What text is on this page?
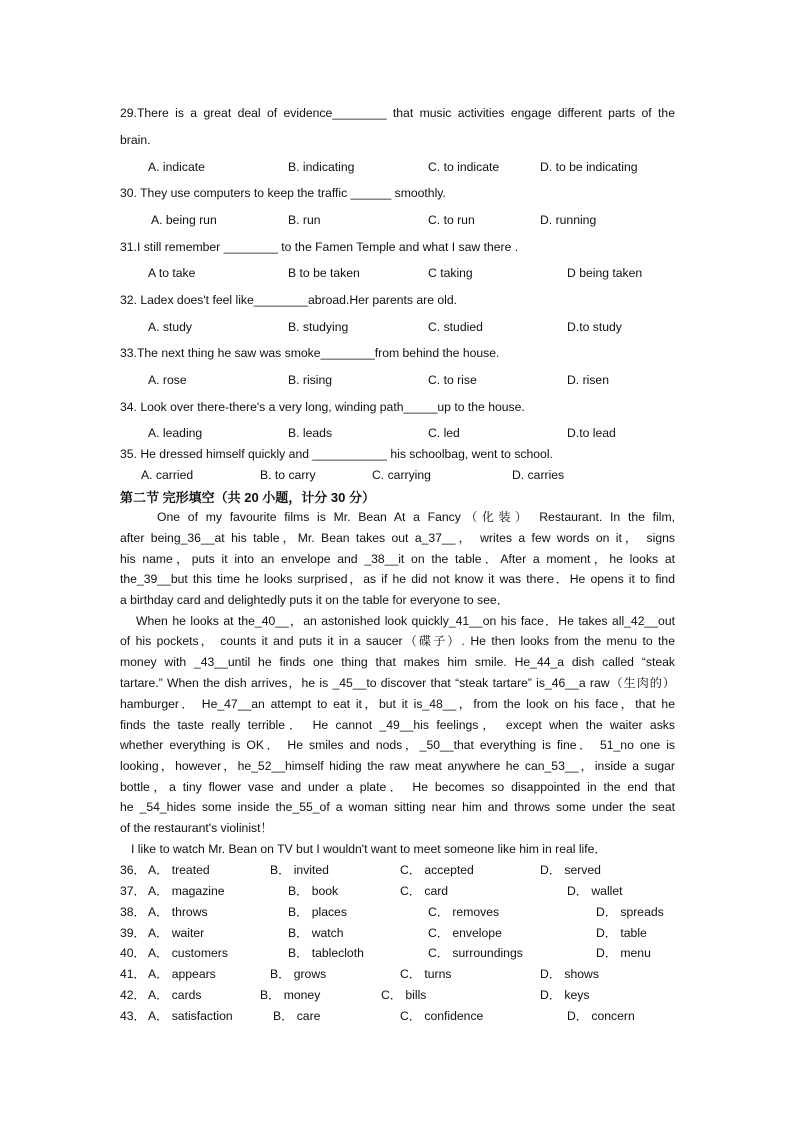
29.There is a great deal of evidence________ that music activities engage different parts of the
brain.
A. indicate	B. indicating	C. to indicate	D. to be indicating
30. They use computers to keep the traffic ______ smoothly.
A. being run	B. run	C. to run	D. running
31.I still remember ________ to the Famen Temple and what I saw there .
A to take	B to be taken	C taking	D being taken
32. Ladex does't feel like________abroad.Her parents are old.
A. study	B. studying	C. studied	D.to study
33.The next thing he saw was smoke________from behind the house.
A. rose	B. rising	C. to rise	D. risen
34. Look over there-there's a very long, winding path_____up to the house.
A. leading	B. leads	C. led	D.to lead
35. He dressed himself quickly and ___________ his schoolbag, went to school.
A. carried	B. to carry	C. carrying	D. carries
第二节 完形填空（共 20 小题，计分 30 分）
One of my favourite films is Mr. Bean At a Fancy（化装） Restaurant. In the film,
after being_36__at his table，Mr. Bean takes out a_37__， writes a few words on it， signs
his name，puts it into an envelope and _38__it on the table．After a moment，he looks at
the_39__but this time he looks surprised，as if he did not know it was there．He opens it to find
a birthday card and delightedly puts it on the table for everyone to see．
When he looks at the_40__，an astonished look quickly_41__on his face．He takes all_42__out
of his pockets， counts it and puts it in a saucer（碟子）. He then looks from the menu to the
money with _43__until he finds one thing that makes him smile. He_44_a dish called “steak
tartare.” When the dish arrives，he is _45__to discover that “steak tartare” is_46__a raw（生肉的）
hamburger． He_47__an attempt to eat it，but it is_48__，from the look on his face，that he
finds the taste really terrible． He cannot _49__his feelings， except when the waiter asks
whether everything is OK． He smiles and nods，_50__that everything is fine． 51_no one is
looking，however，he_52__himself hiding the raw meat anywhere he can_53__，inside a sugar
bottle，a tiny flower vase and under a plate． He becomes so disappointed in the end that
he _54_hides some inside the_55_of a woman sitting near him and throws some under the seat
of the restaurant's violinist！
I like to watch Mr. Bean on TV but I wouldn't want to meet someone like him in real life．
36． A． treated	B． invited	C． accepted	D． served
37． A． magazine	B． book	C． card	D． wallet
38． A． throws	B． places	C． removes	D． spreads
39． A． waiter	B． watch	C． envelope	D． table
40． A． customers	B． tablecloth	C． surroundings	D． menu
41． A． appears	B． grows	C． turns	D． shows
42． A． cards	B． money	C． bills	D． keys
43． A． satisfaction	B． care	C． confidence	D． concern
